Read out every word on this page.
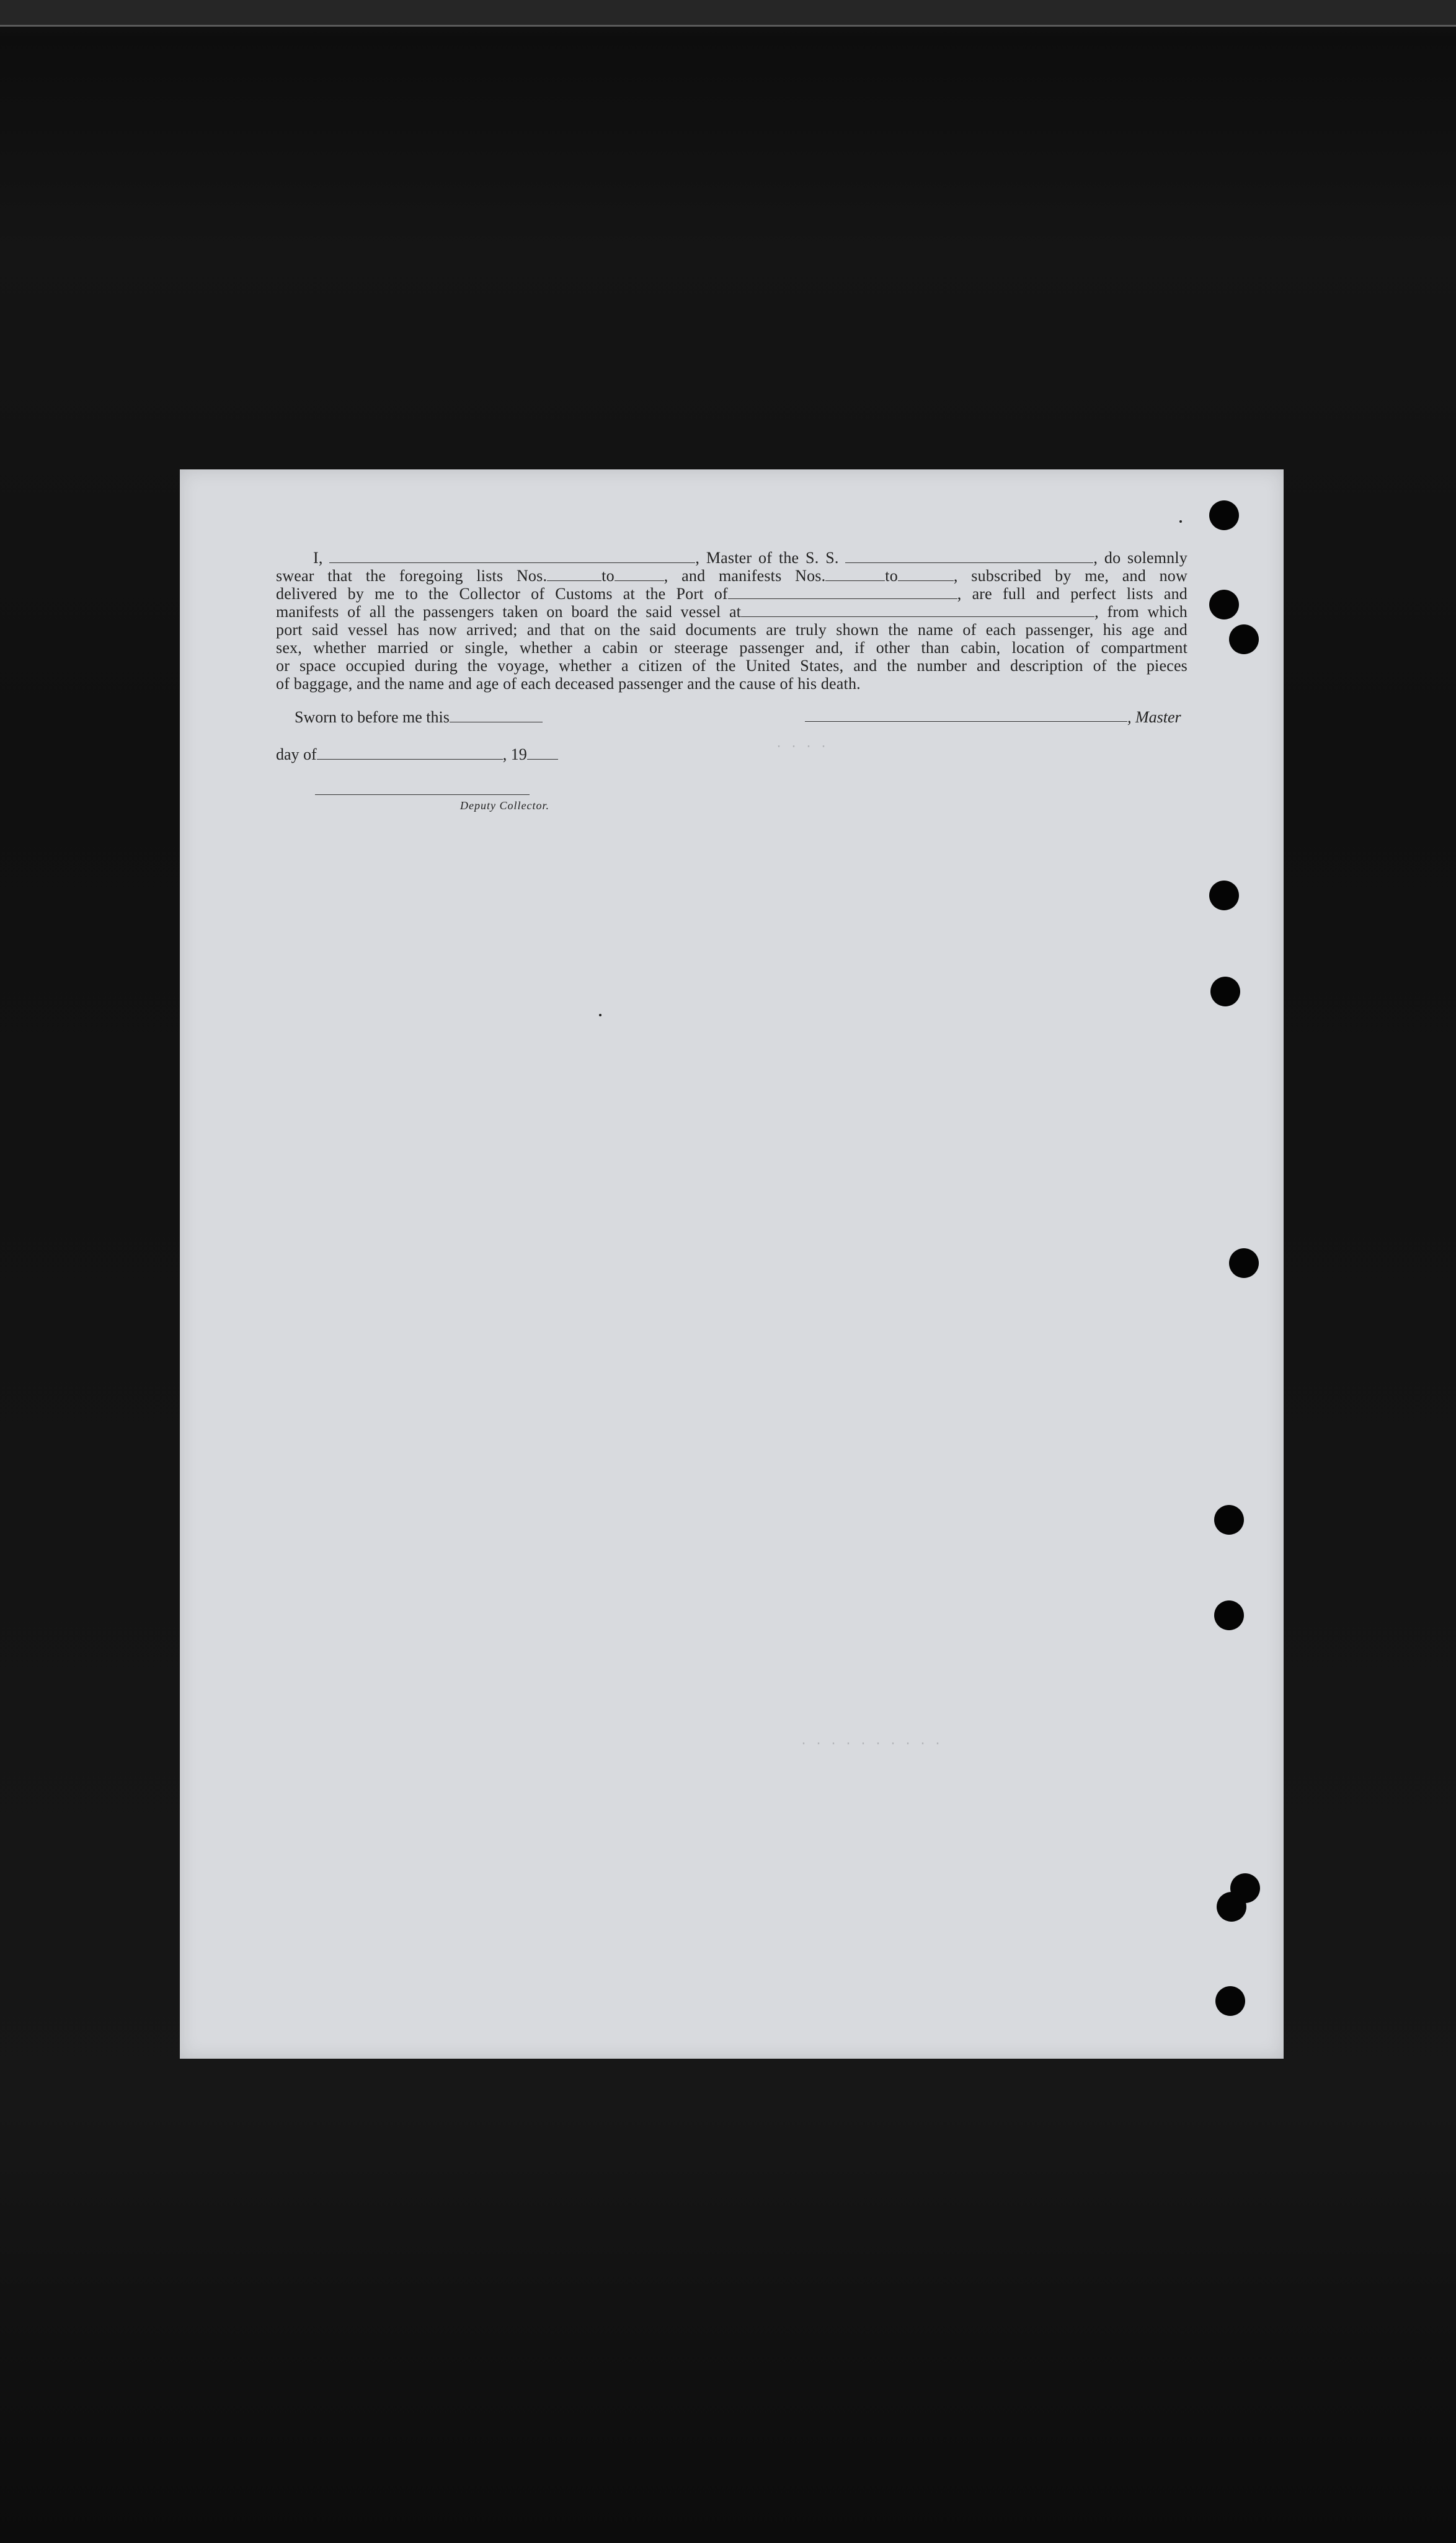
. . . .
. . . . . . . . . .
I,	, Master of the S. S.	, do solemnly
swear that the foregoing lists Nos.	to	, and manifests Nos.	to	, subscribed by me, and now
delivered by me to the Collector of Customs at the Port of	, are full and perfect lists and
manifests of all the passengers taken on board the said vessel at	, from which
port said vessel has now arrived; and that on the said documents are truly shown the name of each passenger, his age and
sex, whether married or single, whether a cabin or steerage passenger and, if other than cabin, location of compartment
or space occupied during the voyage, whether a citizen of the United States, and the number and description of the pieces
of baggage, and the name and age of each deceased passenger and the cause of his death.
Sworn to before me this	, Master
day of	, 19
Deputy Collector.
